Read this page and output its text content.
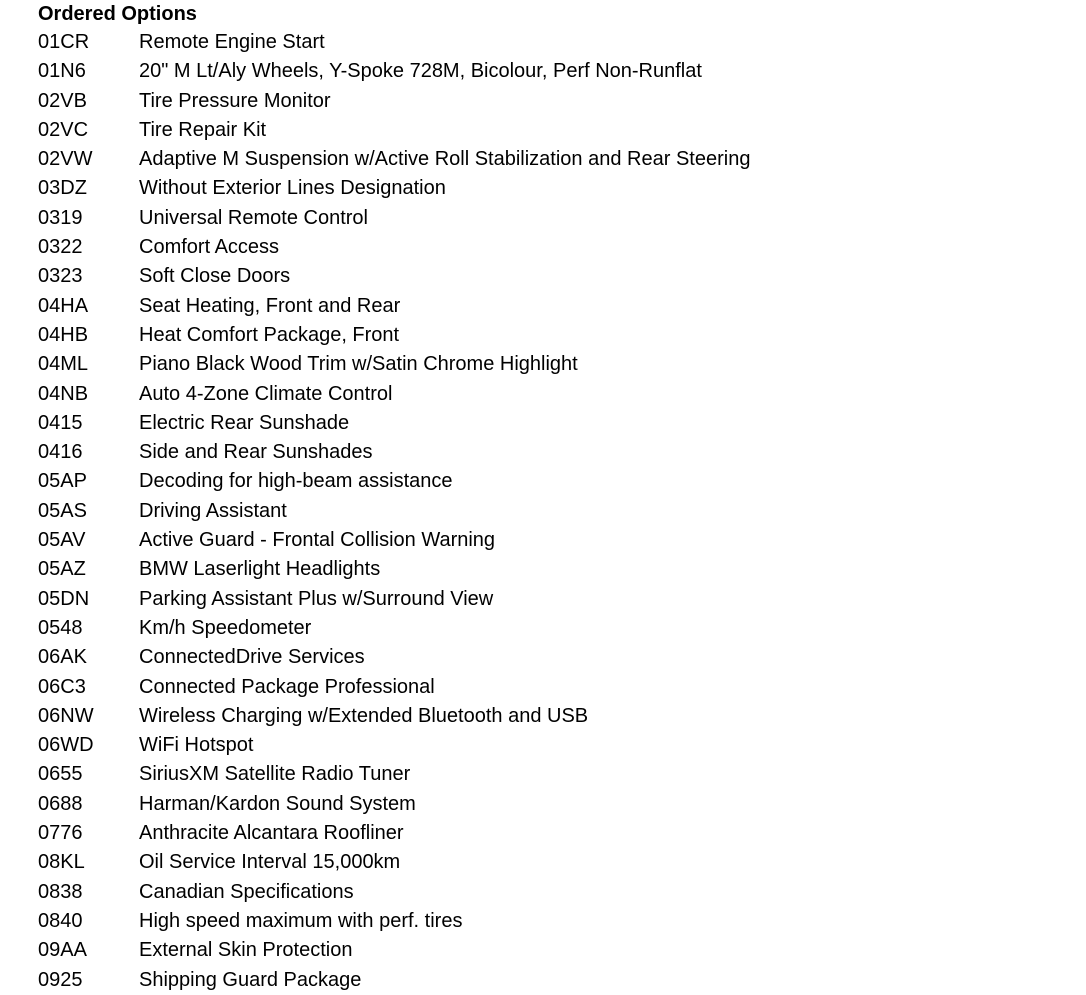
Ordered Options
01CR	Remote Engine Start
01N6	20" M Lt/Aly Wheels, Y-Spoke 728M, Bicolour, Perf Non-Runflat
02VB	Tire Pressure Monitor
02VC	Tire Repair Kit
02VW	Adaptive M Suspension w/Active Roll Stabilization and Rear Steering
03DZ	Without Exterior Lines Designation
0319	Universal Remote Control
0322	Comfort Access
0323	Soft Close Doors
04HA	Seat Heating, Front and Rear
04HB	Heat Comfort Package, Front
04ML	Piano Black Wood Trim w/Satin Chrome Highlight
04NB	Auto 4-Zone Climate Control
0415	Electric Rear Sunshade
0416	Side and Rear Sunshades
05AP	Decoding for high-beam assistance
05AS	Driving Assistant
05AV	Active Guard - Frontal Collision Warning
05AZ	BMW Laserlight Headlights
05DN	Parking Assistant Plus w/Surround View
0548	Km/h Speedometer
06AK	ConnectedDrive Services
06C3	Connected Package Professional
06NW	Wireless Charging w/Extended Bluetooth and USB
06WD	WiFi Hotspot
0655	SiriusXM Satellite Radio Tuner
0688	Harman/Kardon Sound System
0776	Anthracite Alcantara Roofliner
08KL	Oil Service Interval 15,000km
0838	Canadian Specifications
0840	High speed maximum with perf. tires
09AA	External Skin Protection
0925	Shipping Guard Package
